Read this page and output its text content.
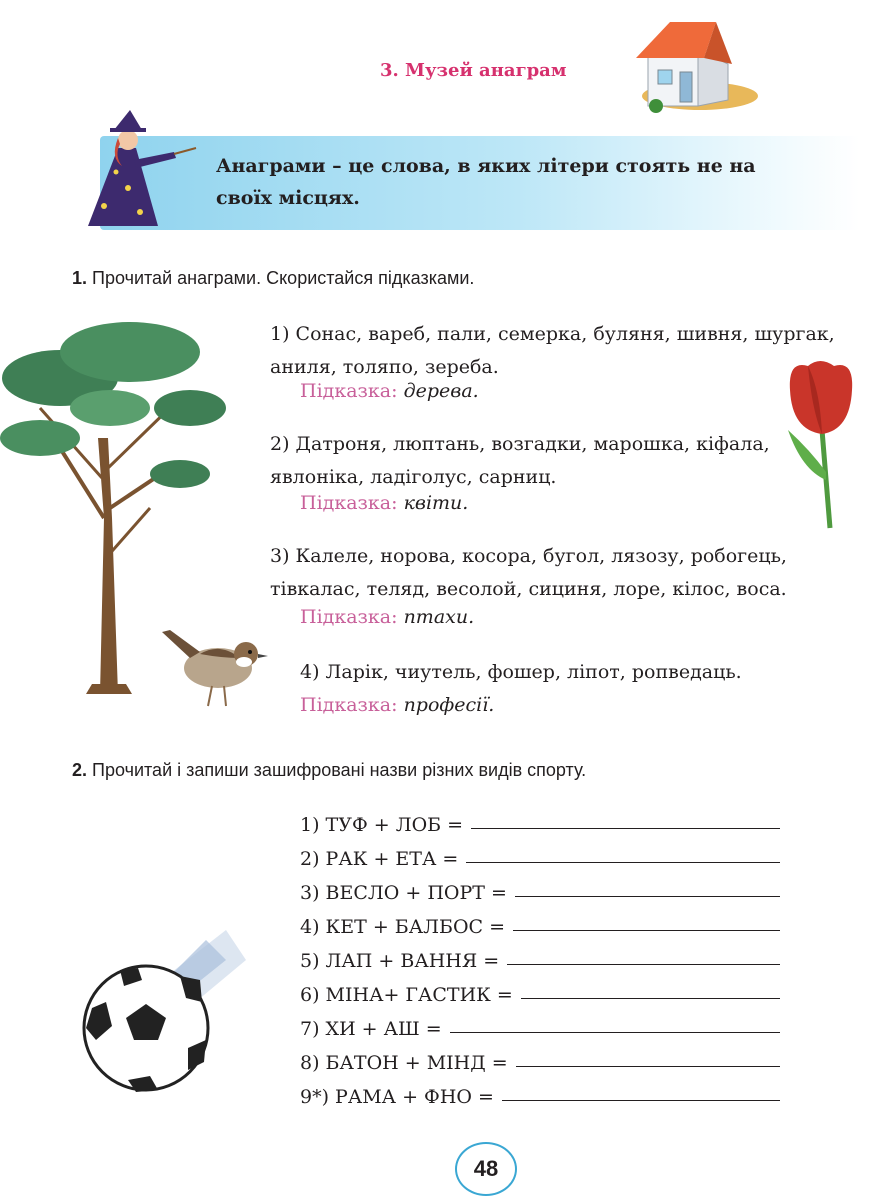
3. Музей анаграм
Анаграми – це слова, в яких літери стоять не на своїх місцях.
1. Прочитай анаграми. Скористайся підказками.
1) Сонас, вареб, пали, семерка, буляня, шивня, шургак, аниля, толяпо, зереба.
Підказка: дерева.
2) Датроня, люптань, возгадки, марошка, кіфала, явлоніка, ладіголус, сарниц.
Підказка: квіти.
3) Калеле, норова, косора, бугол, лязозу, робогець, тівкалас, теляд, весолой, сициня, лоре, кілос, воса.
Підказка: птахи.
4) Ларік, чиутель, фошер, ліпот, ропведаць.
Підказка: професії.
2. Прочитай і запиши зашифровані назви різних видів спорту.
1) ТУФ + ЛОБ =
2) РАК + ЕТА =
3) ВЕСЛО + ПОРТ =
4) КЕТ + БАЛБОС =
5) ЛАП + ВАННЯ =
6) МІНА+ ГАСТИК =
7) ХИ + АШ =
8) БАТОН + МІНД =
9*) РАМА + ФНО =
48
